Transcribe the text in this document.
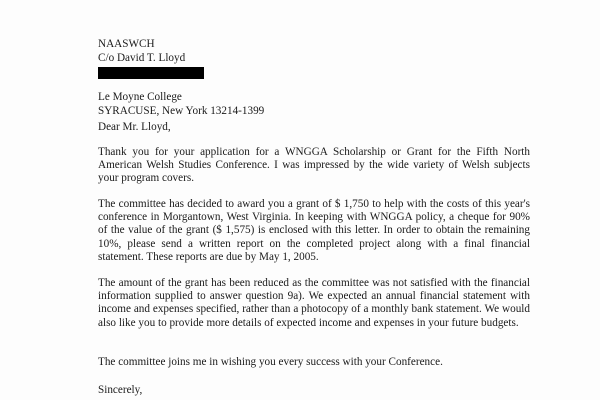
NAASWCH
C/o David T. Lloyd
Le Moyne College
SYRACUSE, New York 13214-1399
Dear Mr. Lloyd,

Thank you for your application for a WNGGA Scholarship or Grant for the Fifth North American Welsh Studies Conference. I was impressed by the wide variety of Welsh subjects your program covers.

The committee has decided to award you a grant of $ 1,750 to help with the costs of this year's conference in Morgantown, West Virginia. In keeping with WNGGA policy, a cheque for 90% of the value of the grant ($ 1,575) is enclosed with this letter. In order to obtain the remaining 10%, please send a written report on the completed project along with a final financial statement. These reports are due by May 1, 2005.

The amount of the grant has been reduced as the committee was not satisfied with the financial information supplied to answer question 9a). We expected an annual financial statement with income and expenses specified, rather than a photocopy of a monthly bank statement. We would also like you to provide more details of expected income and expenses in your future budgets.

The committee joins me in wishing you every success with your Conference.

Sincerely,
